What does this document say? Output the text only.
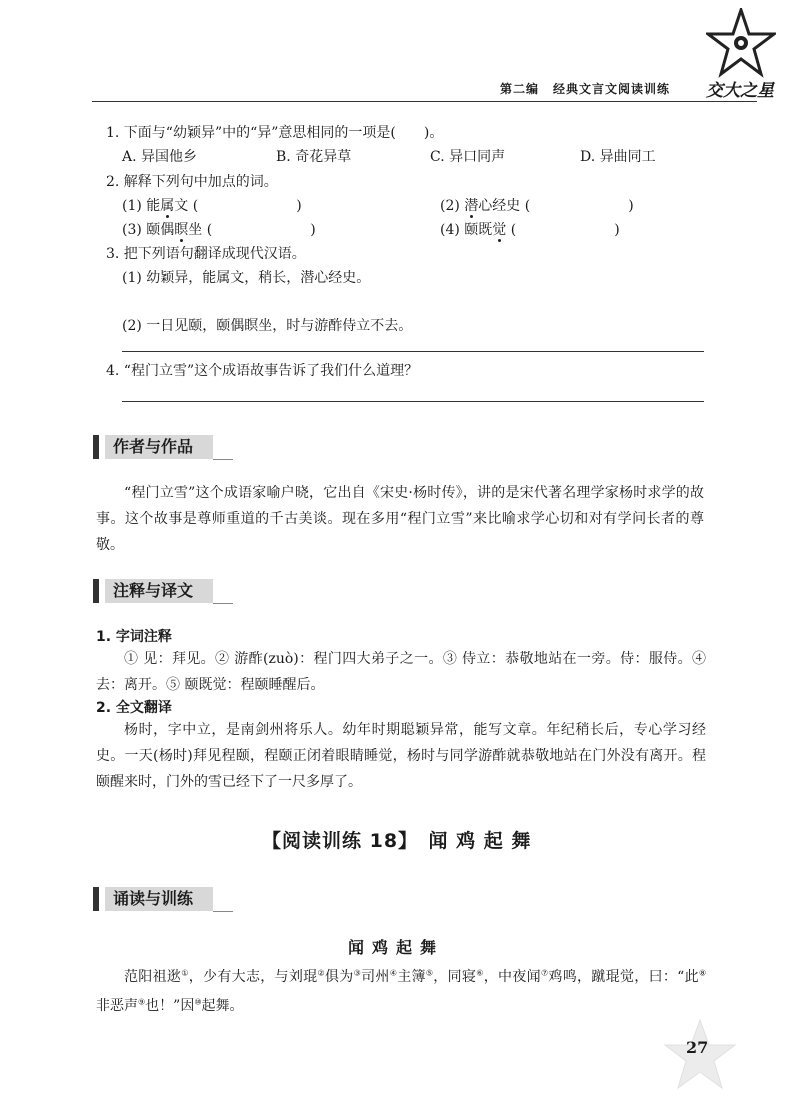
第二编 经典文言文阅读训练	交大之星
1. 下面与“幼颖异”中的“异”意思相同的一项是(　　)。
A. 异国他乡	B. 奇花异草	C. 异口同声	D. 异曲同工
2. 解释下列句中加点的词。
(1) 能属文 (　　　　　　　)	(2) 潜心经史 (　　　　　　　)
(3) 颐偶瞑坐 (　　　　　　　)	(4) 颐既觉 (　　　　　　　)
3. 把下列语句翻译成现代汉语。
(1) 幼颖异，能属文，稍长，潜心经史。
(2) 一日见颐，颐偶瞑坐，时与游酢侍立不去。
4. “程门立雪”这个成语故事告诉了我们什么道理？
作者与作品
“程门立雪”这个成语家喻户晓，它出自《宋史·杨时传》，讲的是宋代著名理学家杨时求学的故事。这个故事是尊师重道的千古美谈。现在多用“程门立雪”来比喻求学心切和对有学问长者的尊敬。
注释与译文
1. 字词注释
① 见：拜见。② 游酢(zuò)：程门四大弟子之一。③ 侍立：恭敬地站在一旁。侍：服侍。④ 去：离开。⑤ 颐既觉：程颐睡醒后。
2. 全文翻译
杨时，字中立，是南剑州将乐人。幼年时期聪颖异常，能写文章。年纪稍长后，专心学习经史。一天(杨时)拜见程颐，程颐正闭着眼睛睡觉，杨时与同学游酢就恭敬地站在门外没有离开。程颐醒来时，门外的雪已经下了一尺多厚了。
【阅读训练 18】　闻 鸡 起 舞
诵读与训练
闻鸡起舞
范阳祖逖①，少有大志，与刘琨②俱为③司州④主簿⑤，同寝⑥，中夜闻⑦鸡鸣，蹴琨觉，曰：“此⑧非恶声⑨也！”因⑩起舞。
27
